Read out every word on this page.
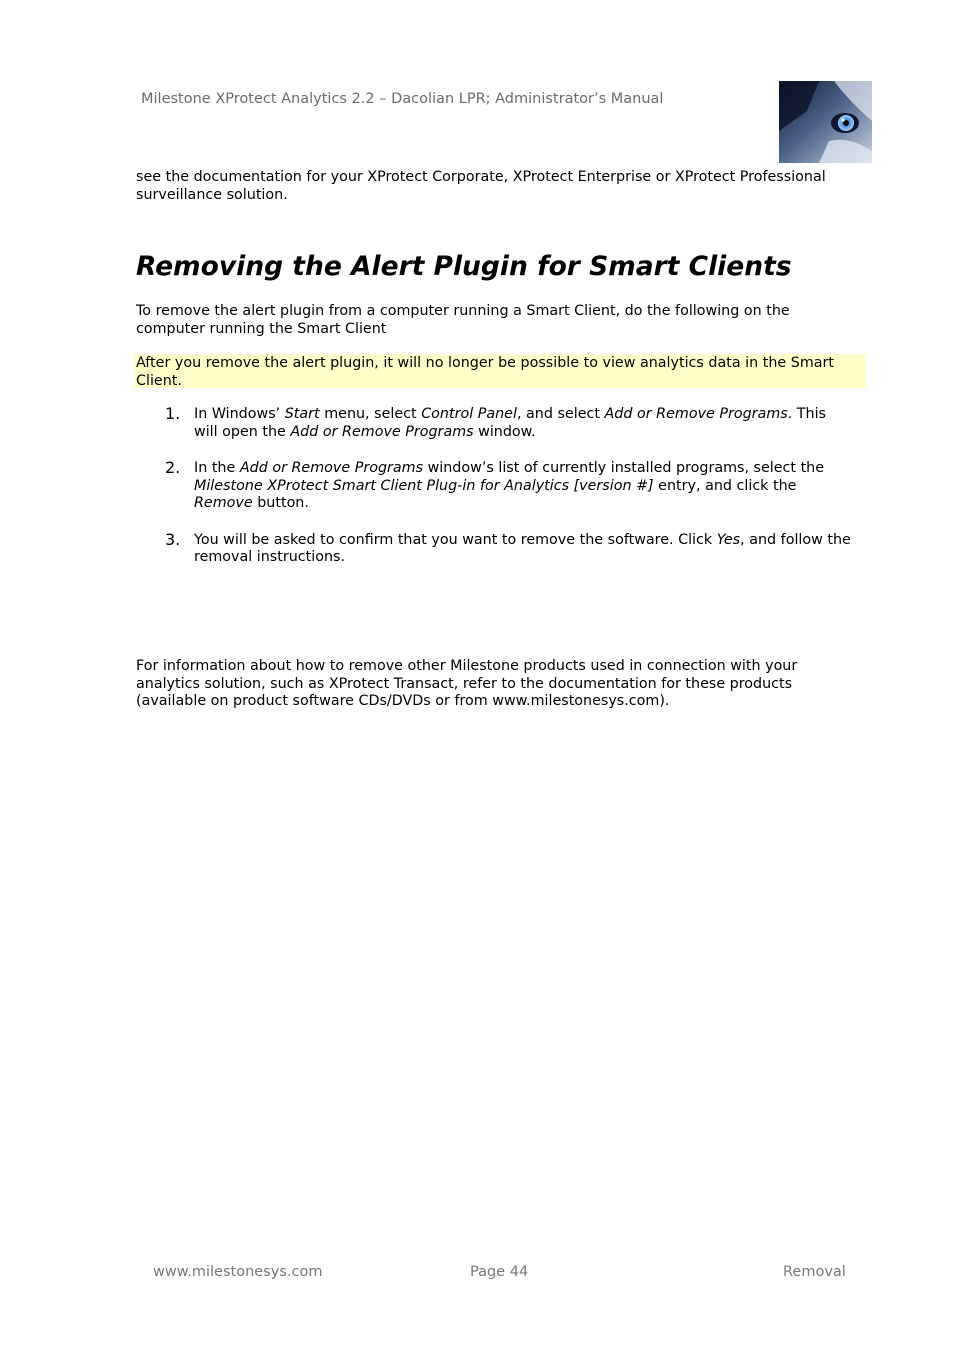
Milestone XProtect Analytics 2.2 – Dacolian LPR; Administrator’s Manual
see the documentation for your XProtect Corporate, XProtect Enterprise or XProtect Professional surveillance solution.
Removing the Alert Plugin for Smart Clients
To remove the alert plugin from a computer running a Smart Client, do the following on the computer running the Smart Client
After you remove the alert plugin, it will no longer be possible to view analytics data in the Smart Client.
1. In Windows’ Start menu, select Control Panel, and select Add or Remove Programs. This will open the Add or Remove Programs window.
2. In the Add or Remove Programs window’s list of currently installed programs, select the Milestone XProtect Smart Client Plug-in for Analytics [version #] entry, and click the Remove button.
3. You will be asked to confirm that you want to remove the software. Click Yes, and follow the removal instructions.
For information about how to remove other Milestone products used in connection with your analytics solution, such as XProtect Transact, refer to the documentation for these products (available on product software CDs/DVDs or from www.milestonesys.com).
www.milestonesys.com	Page 44	Removal
